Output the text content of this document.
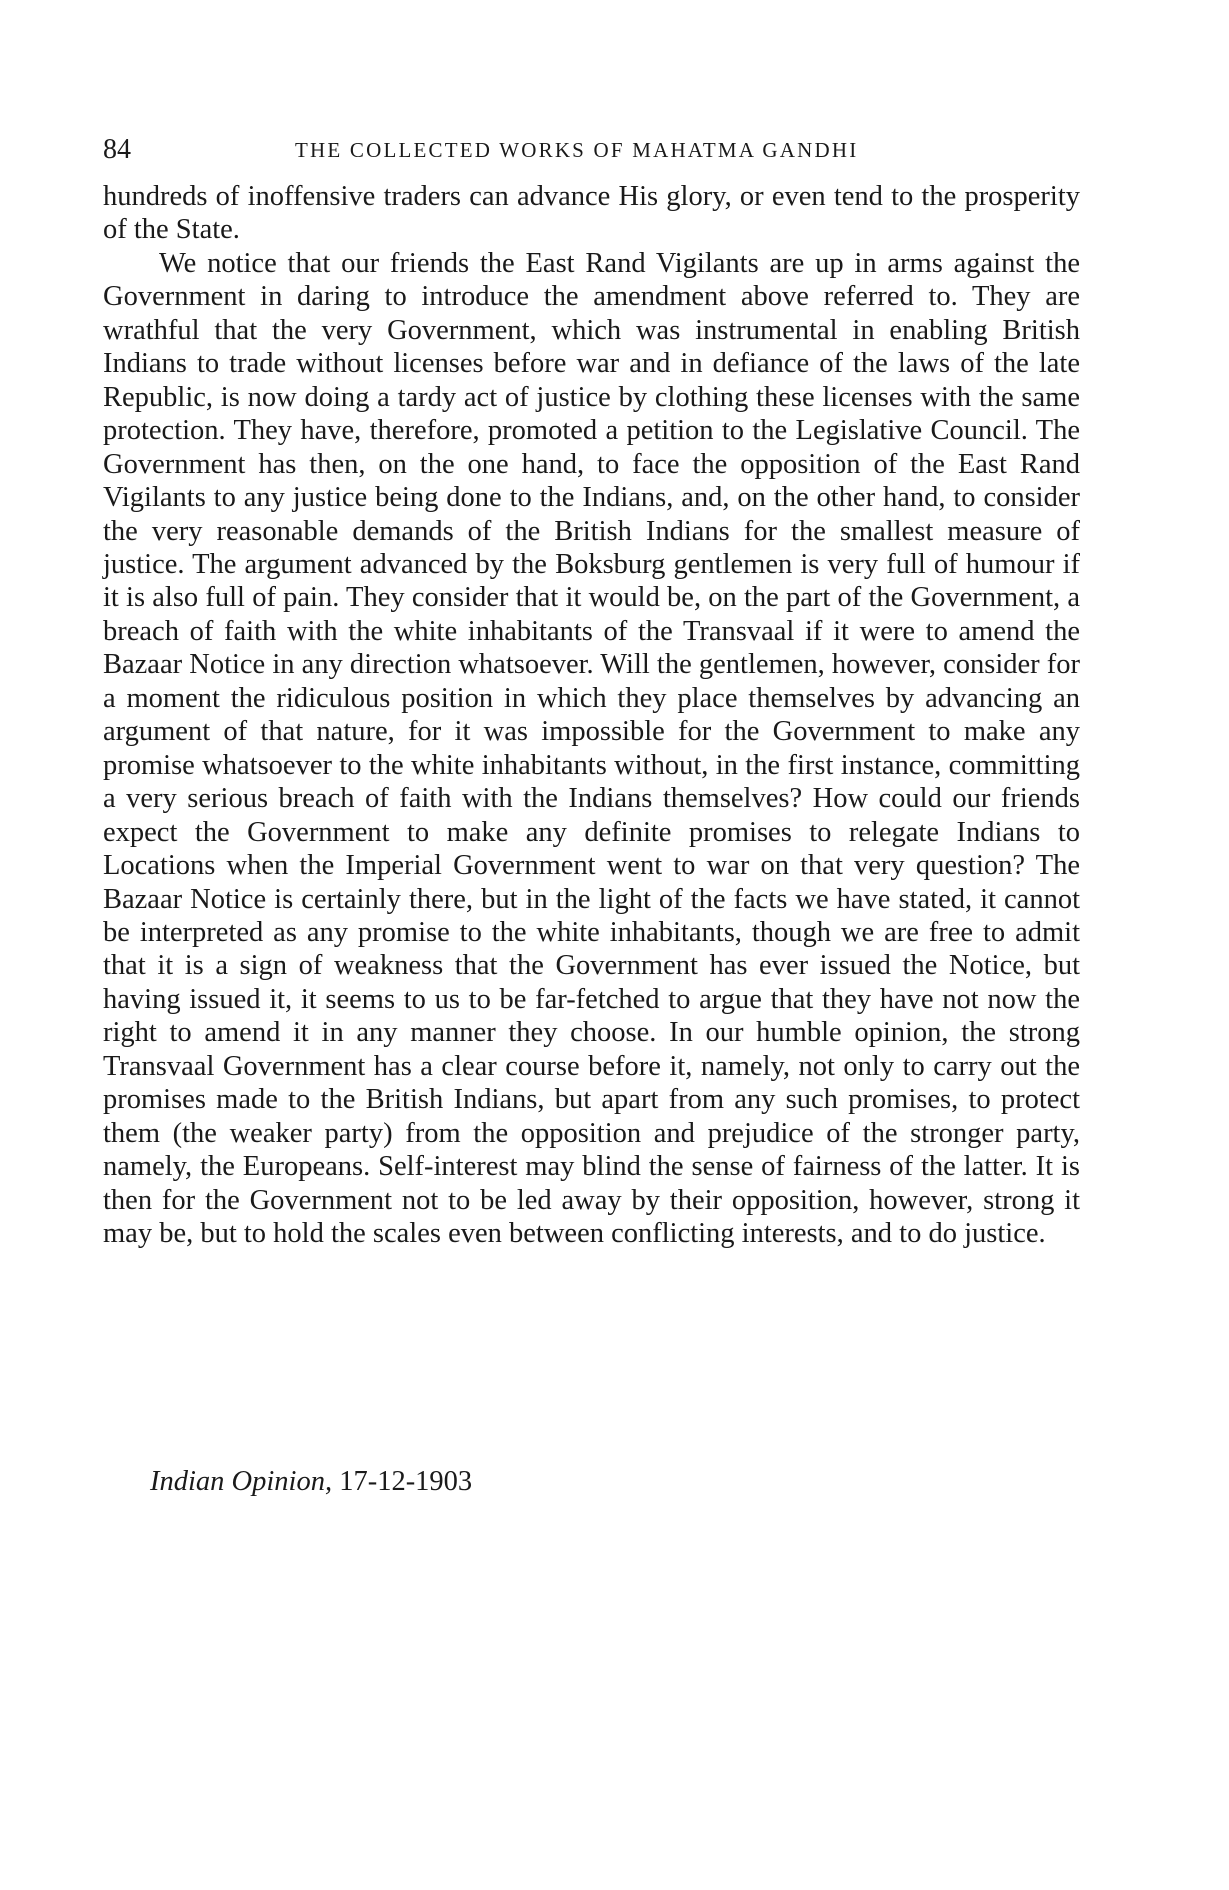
84	THE COLLECTED WORKS OF MAHATMA GANDHI

hundreds of inoffensive traders can advance His glory, or even tend to the prosperity of the State.

We notice that our friends the East Rand Vigilants are up in arms against the Government in daring to introduce the amendment above referred to. They are wrathful that the very Government, which was instrumental in enabling British Indians to trade without licenses before war and in defiance of the laws of the late Republic, is now doing a tardy act of justice by clothing these licenses with the same protection. They have, therefore, promoted a petition to the Legislative Council. The Government has then, on the one hand, to face the opposition of the East Rand Vigilants to any justice being done to the Indians, and, on the other hand, to consider the very reasonable demands of the British Indians for the smallest measure of justice. The argument advanced by the Boksburg gentlemen is very full of humour if it is also full of pain. They consider that it would be, on the part of the Government, a breach of faith with the white inhabitants of the Transvaal if it were to amend the Bazaar Notice in any direction whatsoever. Will the gentlemen, however, consider for a moment the ridiculous position in which they place themselves by advancing an argument of that nature, for it was impossible for the Government to make any promise whatsoever to the white inhabitants without, in the first instance, committing a very serious breach of faith with the Indians themselves? How could our friends expect the Government to make any definite promises to relegate Indians to Locations when the Imperial Government went to war on that very question? The Bazaar Notice is certainly there, but in the light of the facts we have stated, it cannot be interpreted as any promise to the white inhabitants, though we are free to admit that it is a sign of weakness that the Government has ever issued the Notice, but having issued it, it seems to us to be far-fetched to argue that they have not now the right to amend it in any manner they choose. In our humble opinion, the strong Transvaal Government has a clear course before it, namely, not only to carry out the promises made to the British Indians, but apart from any such promises, to protect them (the weaker party) from the opposition and prejudice of the stronger party, namely, the Europeans. Self-interest may blind the sense of fairness of the latter. It is then for the Government not to be led away by their opposition, however, strong it may be, but to hold the scales even between conflicting interests, and to do justice.

Indian Opinion, 17-12-1903
